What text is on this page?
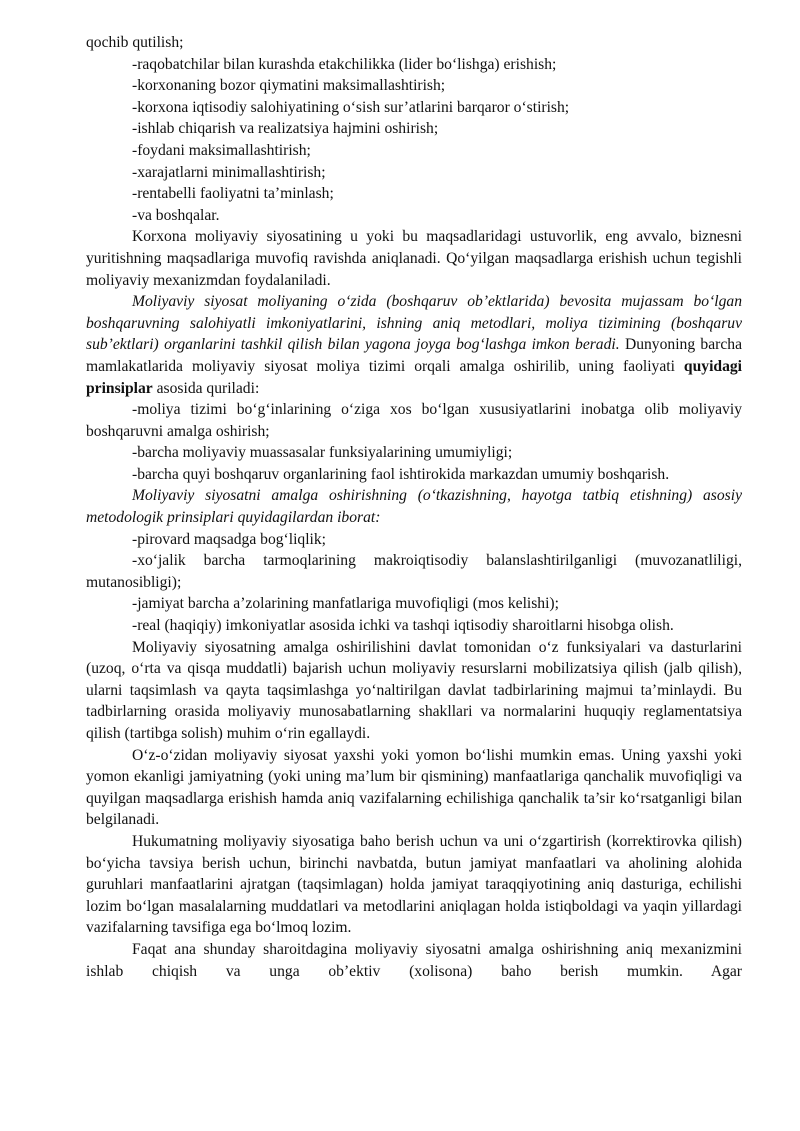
qochib qutilish;

-raqobatchilar bilan kurashda etakchilikka (lider bo‘lishga) erishish;

-korxonaning bozor qiymatini maksimallashtirish;

-korxona iqtisodiy salohiyatining o‘sish sur’atlarini barqaror o‘stirish;

-ishlab chiqarish va realizatsiya hajmini oshirish;

-foydani maksimallashtirish;

-xarajatlarni minimallashtirish;

-rentabelli faoliyatni ta’minlash;

-va boshqalar.

Korxona moliyaviy siyosatining u yoki bu maqsadlaridagi ustuvorlik, eng avvalo, biznesni yuritishning maqsadlariga muvofiq ravishda aniqlanadi. Qo‘yilgan maqsadlarga erishish uchun tegishli moliyaviy mexanizmdan foydalaniladi.

Moliyaviy siyosat moliyaning o‘zida (boshqaruv ob’ektlarida) bevosita mujassam bo‘lgan boshqaruvning salohiyatli imkoniyatlarini, ishning aniq metodlari, moliya tizimining (boshqaruv sub’ektlari) organlarini tashkil qilish bilan yagona joyga bog‘lashga imkon beradi. Dunyoning barcha mamlakatlarida moliyaviy siyosat moliya tizimi orqali amalga oshirilib, uning faoliyati quyidagi prinsiplar asosida quriladi:

-moliya tizimi bo‘g‘inlarining o‘ziga xos bo‘lgan xususiyatlarini inobatga olib moliyaviy boshqaruvni amalga oshirish;

-barcha moliyaviy muassasalar funksiyalarining umumiyligi;

-barcha quyi boshqaruv organlarining faol ishtirokida markazdan umumiy boshqarish.

Moliyaviy siyosatni amalga oshirishning (o‘tkazishning, hayotga tatbiq etishning) asosiy metodologik prinsiplari quyidagilardan iborat:

-pirovard maqsadga bog‘liqlik;

-xo‘jalik barcha tarmoqlarining makroiqtisodiy balanslashtirilganligi (muvozanatliligi, mutanosibligi);

-jamiyat barcha a’zolarining manfatlariga muvofiqligi (mos kelishi);

-real (haqiqiy) imkoniyatlar asosida ichki va tashqi iqtisodiy sharoitlarni hisobga olish.

Moliyaviy siyosatning amalga oshirilishini davlat tomonidan o‘z funksiyalari va dasturlarini (uzoq, o‘rta va qisqa muddatli) bajarish uchun moliyaviy resurslarni mobilizatsiya qilish (jalb qilish), ularni taqsimlash va qayta taqsimlashga yo‘naltirilgan davlat tadbirlarining majmui ta’minlaydi. Bu tadbirlarning orasida moliyaviy munosabatlarning shakllari va normalarini huquqiy reglamentatsiya qilish (tartibga solish) muhim o‘rin egallaydi.

O‘z-o‘zidan moliyaviy siyosat yaxshi yoki yomon bo‘lishi mumkin emas. Uning yaxshi yoki yomon ekanligi jamiyatning (yoki uning ma’lum bir qismining) manfaatlariga qanchalik muvofiqligi va quyilgan maqsadlarga erishish hamda aniq vazifalarning echilishiga qanchalik ta’sir ko‘rsatganligi bilan belgilanadi.

Hukumatning moliyaviy siyosatiga baho berish uchun va uni o‘zgartirish (korrektirovka qilish) bo‘yicha tavsiya berish uchun, birinchi navbatda, butun jamiyat manfaatlari va aholining alohida guruhlari manfaatlarini ajratgan (taqsimlagan) holda jamiyat taraqqiyotining aniq dasturiga, echilishi lozim bo‘lgan masalalarning muddatlari va metodlarini aniqlagan holda istiqboldagi va yaqin yillardagi vazifalarning tavsifiga ega bo‘lmoq lozim.

Faqat ana shunday sharoitdagina moliyaviy siyosatni amalga oshirishning aniq mexanizmini ishlab chiqish va unga ob’ektiv (xolisona) baho berish mumkin. Agar
